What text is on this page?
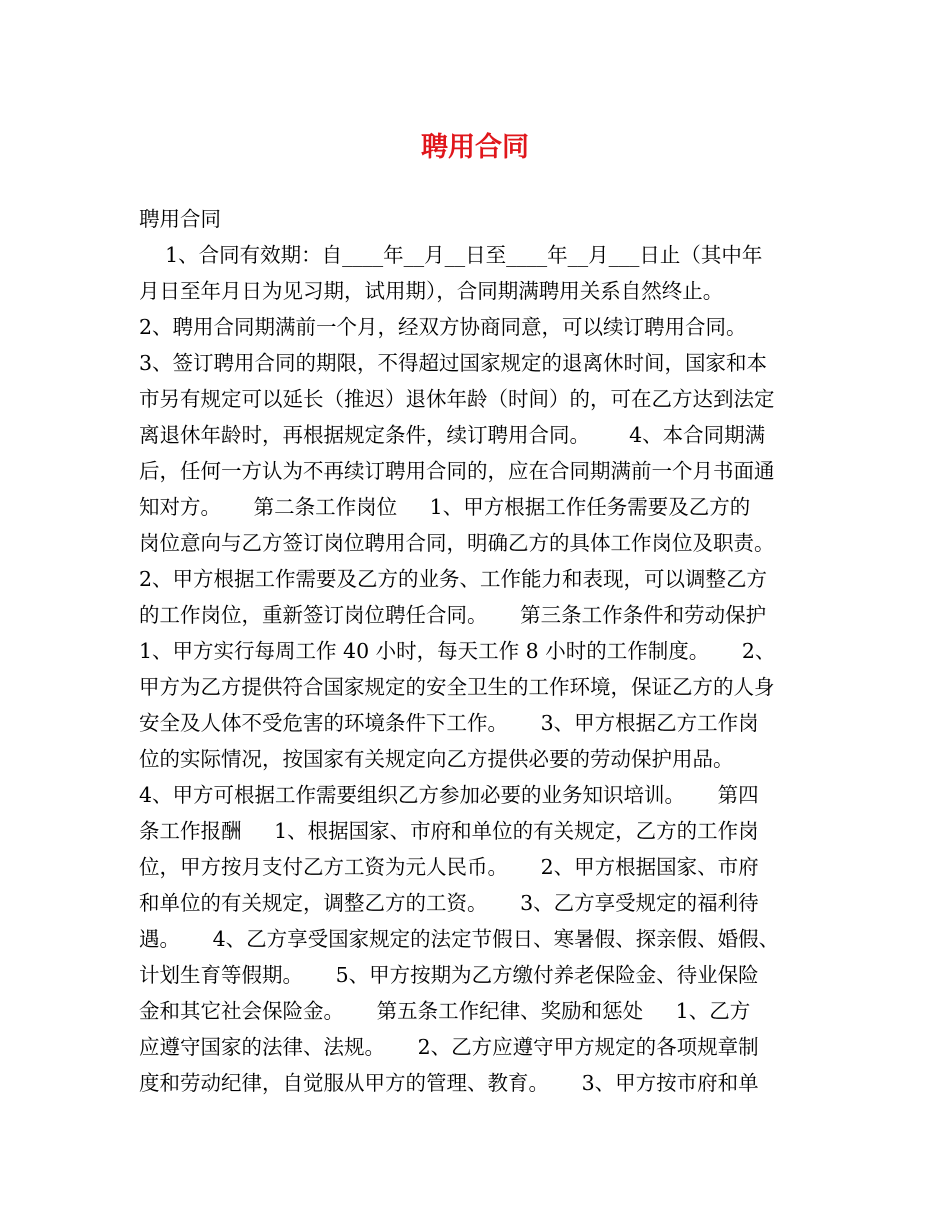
聘用合同

聘用合同

1、合同有效期：自____年__月__日至____年__月___日止（其中年

月日至年月日为见习期，试用期），合同期满聘用关系自然终止。

2、聘用合同期满前一个月，经双方协商同意，可以续订聘用合同。

3、签订聘用合同的期限，不得超过国家规定的退离休时间，国家和本

市另有规定可以延长（推迟）退休年龄（时间）的，可在乙方达到法定

离退休年龄时，再根据规定条件，续订聘用合同。      4、本合同期满

后，任何一方认为不再续订聘用合同的，应在合同期满前一个月书面通

知对方。     第二条工作岗位     1、甲方根据工作任务需要及乙方的

岗位意向与乙方签订岗位聘用合同，明确乙方的具体工作岗位及职责。

2、甲方根据工作需要及乙方的业务、工作能力和表现，可以调整乙方

的工作岗位，重新签订岗位聘任合同。     第三条工作条件和劳动保护

1、甲方实行每周工作 40 小时，每天工作 8 小时的工作制度。     2、

甲方为乙方提供符合国家规定的安全卫生的工作环境，保证乙方的人身

安全及人体不受危害的环境条件下工作。     3、甲方根据乙方工作岗

位的实际情况，按国家有关规定向乙方提供必要的劳动保护用品。

4、甲方可根据工作需要组织乙方参加必要的业务知识培训。     第四

条工作报酬     1、根据国家、市府和单位的有关规定，乙方的工作岗

位，甲方按月支付乙方工资为元人民币。     2、甲方根据国家、市府

和单位的有关规定，调整乙方的工资。     3、乙方享受规定的福利待

遇。     4、乙方享受国家规定的法定节假日、寒暑假、探亲假、婚假、

计划生育等假期。     5、甲方按期为乙方缴付养老保险金、待业保险

金和其它社会保险金。     第五条工作纪律、奖励和惩处     1、乙方

应遵守国家的法律、法规。     2、乙方应遵守甲方规定的各项规章制

度和劳动纪律，自觉服从甲方的管理、教育。     3、甲方按市府和单
